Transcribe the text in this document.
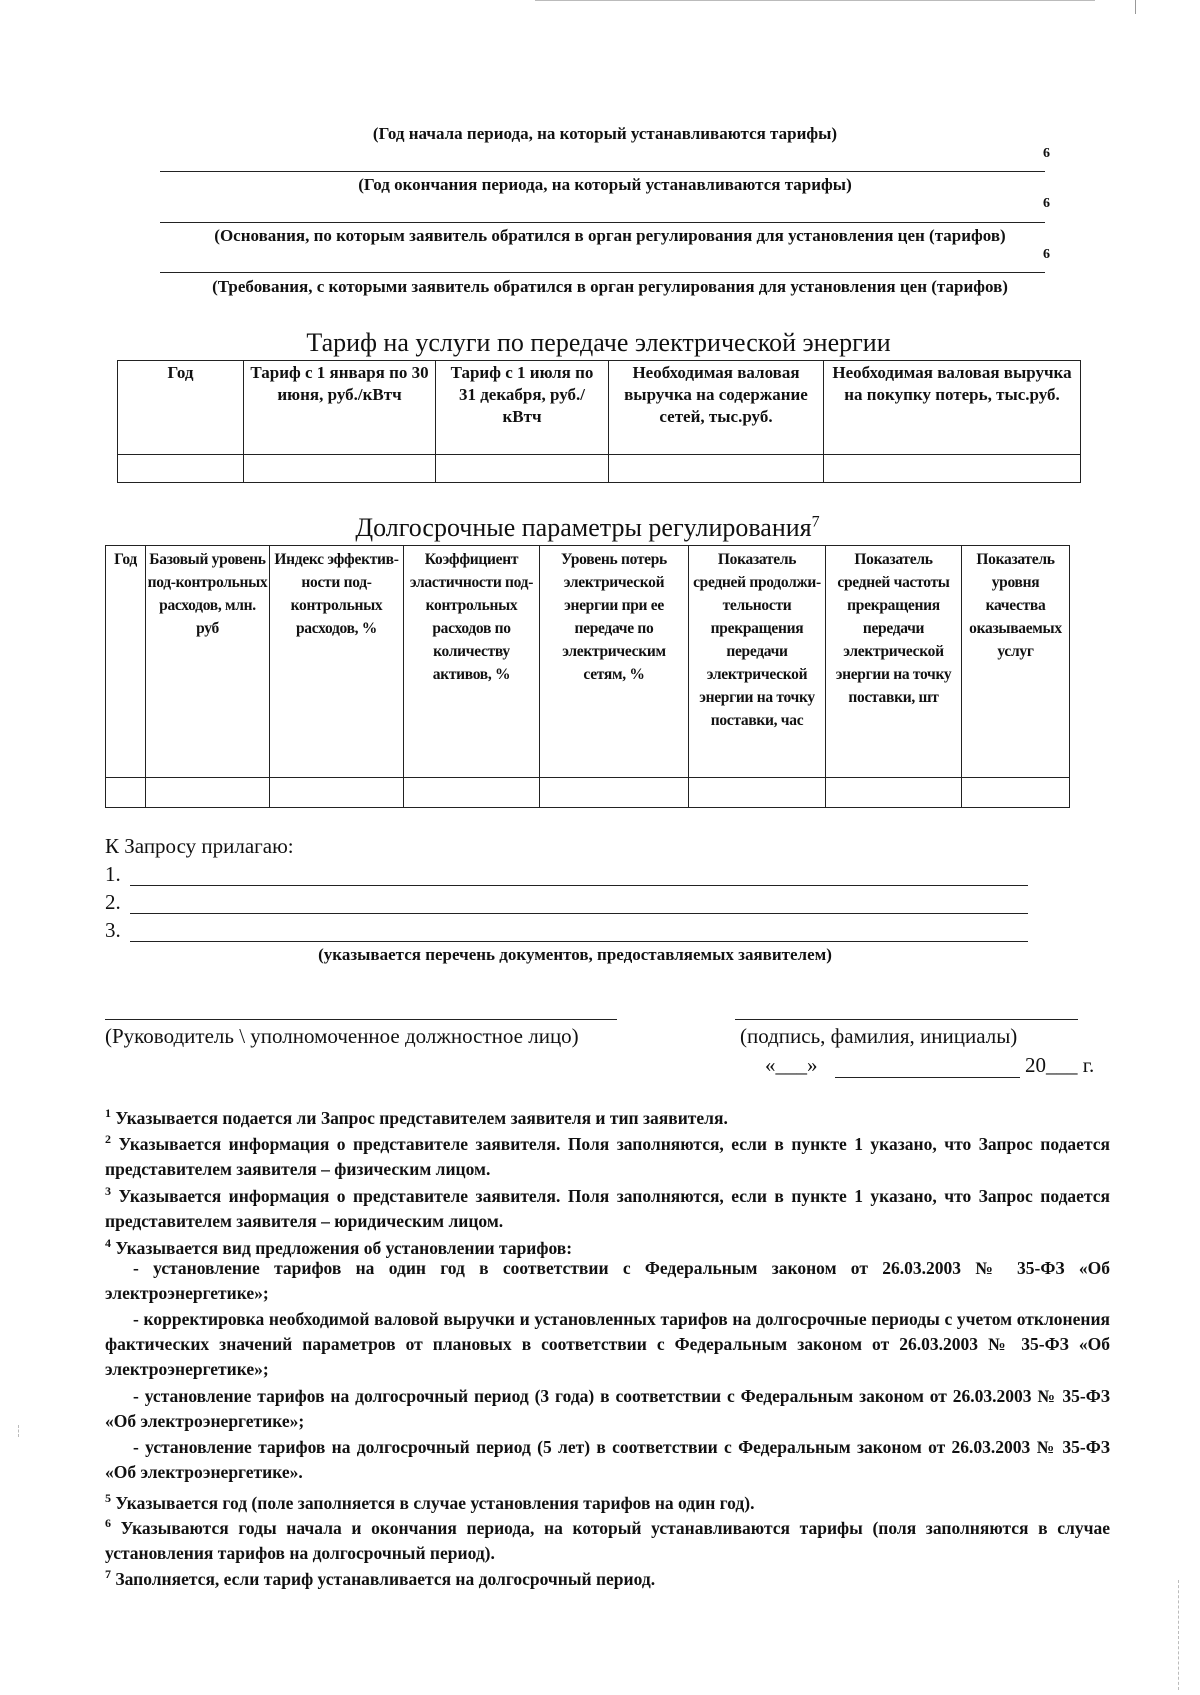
(Год начала периода, на который устанавливаются тарифы)
6
(Год окончания периода, на который устанавливаются тарифы)
6
(Основания, по которым заявитель обратился в орган регулирования для установления цен (тарифов)
6
(Требования, с которыми заявитель обратился в орган регулирования для установления цен (тарифов)
Тариф на услуги по передаче электрической энергии
Год	Тариф с 1 января по 30 июня, руб./кВтч	Тариф с 1 июля по 31 декабря, руб./кВтч	Необходимая валовая выручка на содержание сетей, тыс.руб.	Необходимая валовая выручка на покупку потерь, тыс.руб.

Долгосрочные параметры регулирования$^7$
Год	Базовый уровень под-контрольных расходов, млн. руб	Индекс эффектив-ности под-контрольных расходов, %	Коэффициент эластичности под-контрольных расходов по количеству активов, %	Уровень потерь электрической энергии при ее передаче по электрическим сетям, %	Показатель средней продолжи-тельности прекращения передачи электрической энергии на точку поставки, час	Показатель средней частоты прекращения передачи электрической энергии на точку поставки, шт	Показатель уровня качества оказываемых услуг

К Запросу прилагаю:
1.
2.
3.
(указывается перечень документов, предоставляемых заявителем)
(Руководитель \ уполномоченное должностное лицо)	(подпись, фамилия, инициалы)
«___»	20___ г.
$^1$ Указывается подается ли Запрос представителем заявителя и тип заявителя.
$^2$ Указывается информация о представителе заявителя. Поля заполняются, если в пункте 1 указано, что Запрос подается представителем заявителя – физическим лицом.
$^3$ Указывается информация о представителе заявителя. Поля заполняются, если в пункте 1 указано, что Запрос подается представителем заявителя – юридическим лицом.
$^4$ Указывается вид предложения об установлении тарифов:
- установление тарифов на один год в соответствии с Федеральным законом от 26.03.2003 № 35-ФЗ «Об электроэнергетике»;
- корректировка необходимой валовой выручки и установленных тарифов на долгосрочные периоды с учетом отклонения фактических значений параметров от плановых в соответствии с Федеральным законом от 26.03.2003 № 35-ФЗ «Об электроэнергетике»;
- установление тарифов на долгосрочный период (3 года) в соответствии с Федеральным законом от 26.03.2003 № 35-ФЗ «Об электроэнергетике»;
- установление тарифов на долгосрочный период (5 лет) в соответствии с Федеральным законом от 26.03.2003 № 35-ФЗ «Об электроэнергетике».
$^5$ Указывается год (поле заполняется в случае установления тарифов на один год).
$^6$ Указываются годы начала и окончания периода, на который устанавливаются тарифы (поля заполняются в случае установления тарифов на долгосрочный период).
$^7$ Заполняется, если тариф устанавливается на долгосрочный период.
